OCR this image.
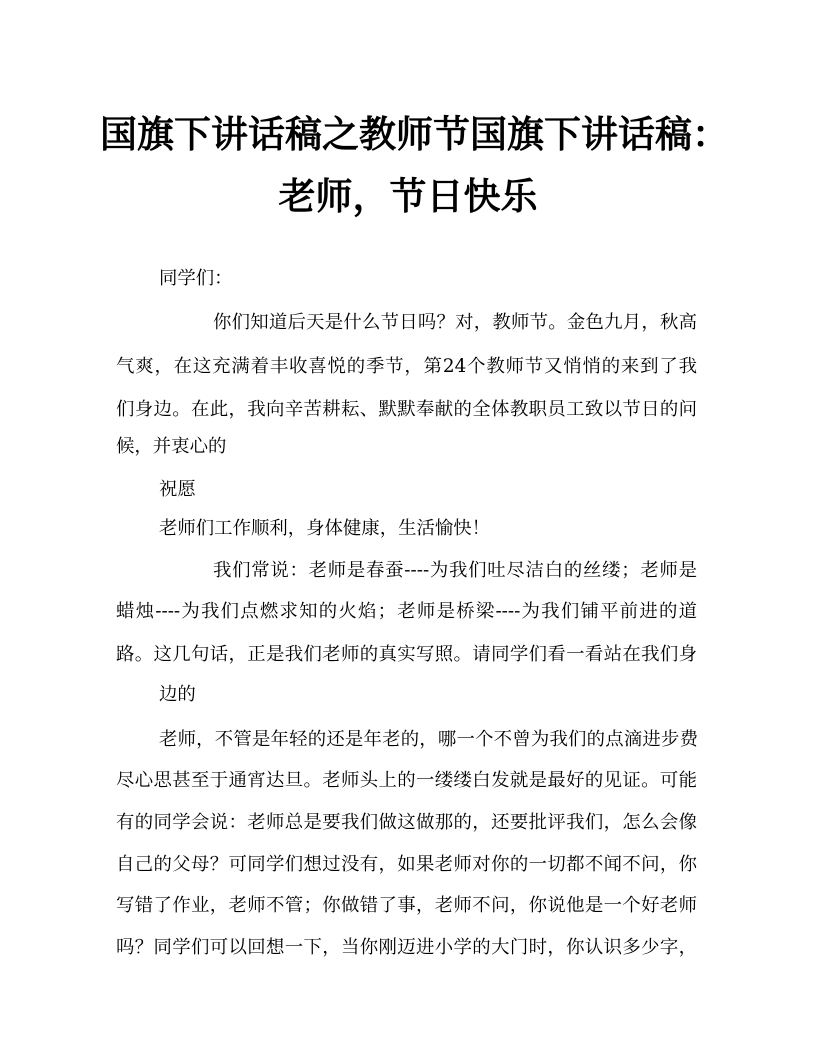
国旗下讲话稿之教师节国旗下讲话稿：
老师，节日快乐
同学们：
你们知道后天是什么节日吗？对，教师节。金色九月，秋高
气爽，在这充满着丰收喜悦的季节，第24个教师节又悄悄的来到了我
们身边。在此，我向辛苦耕耘、默默奉献的全体教职员工致以节日的问
候，并衷心的
祝愿
老师们工作顺利，身体健康，生活愉快！
我们常说：老师是春蚕----为我们吐尽洁白的丝缕；老师是
蜡烛----为我们点燃求知的火焰；老师是桥梁----为我们铺平前进的道
路。这几句话，正是我们老师的真实写照。请同学们看一看站在我们身
边的
老师，不管是年轻的还是年老的，哪一个不曾为我们的点滴进步费
尽心思甚至于通宵达旦。老师头上的一缕缕白发就是最好的见证。可能
有的同学会说：老师总是要我们做这做那的，还要批评我们，怎么会像
自己的父母？可同学们想过没有，如果老师对你的一切都不闻不问，你
写错了作业，老师不管；你做错了事，老师不问，你说他是一个好老师
吗？同学们可以回想一下，当你刚迈进小学的大门时，你认识多少字，
